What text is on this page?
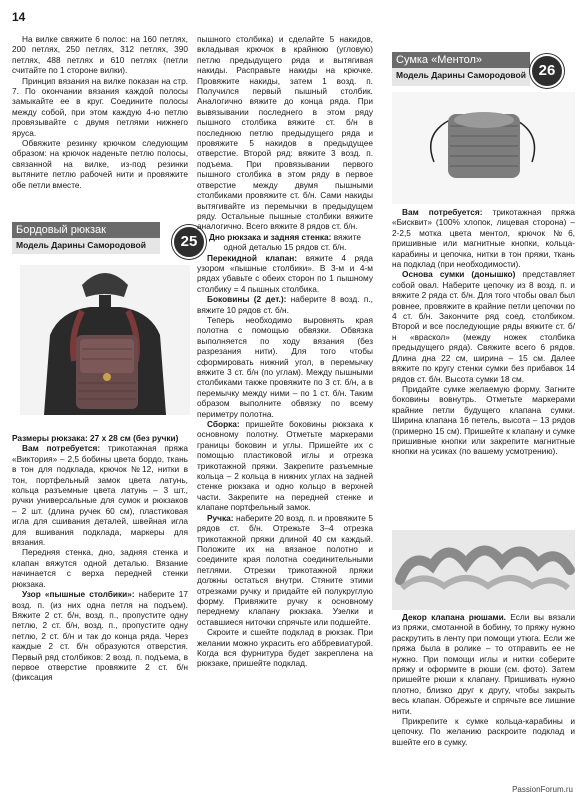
14

На вилке свяжите 6 полос: на 160 петлях, 200 петлях, 250 петлях, 312 петлях, 390 петлях, 488 петлях и 610 петлях (петли считайте по 1 стороне вилки).

Принцип вязания на вилке показан на стр. 7. По окончании вязания каждой полосы замыкайте ее в круг. Соедините полосы между собой, при этом каждую 4-ю петлю провязывайте с двумя петлями нижнего яруса.

Обвяжите резинку крючком следующим образом: на крючок наденьте петлю полосы, связанной на вилке, из-под резинки вытяните петлю рабочей нити и провяжите обе петли вместе.

Бордовый рюкзак
Модель Дарины Самородовой	25

Размеры рюкзака: 27 x 28 см (без ручки)

Вам потребуется: трикотажная пряжа «Виктория» – 2,5 бобины цвета бордо, ткань в тон для подклада, крючок №12, нитки в тон, портфельный замок цвета латунь, кольца разъемные цвета латунь – 3 шт., ручки универсальные для сумок и рюкзаков – 2 шт. (длина ручек 60 см), пластиковая игла для сшивания деталей, швейная игла для вшивания подклада, маркеры для вязания.

Передняя стенка, дно, задняя стенка и клапан вяжутся одной деталью. Вязание начинается с верха передней стенки рюкзака.

Узор «пышные столбики»: наберите 17 возд. п. (из них одна петля на подъем). Вяжите 2 ст. б/н, возд. п., пропустите одну петлю, 2 ст. б/н, возд. п., пропустите одну петлю, 2 ст. б/н и так до конца ряда. Через каждые 2 ст. б/н образуются отверстия. Первый ряд столбиков: 2 возд. п. подъема, в первое отверстие провяжите 2 ст. б/н (фиксация

пышного столбика) и сделайте 5 накидов, вкладывая крючок в крайнюю (угловую) петлю предыдущего ряда и вытягивая накиды. Расправьте накиды на крючке. Провяжите накиды, затем 1 возд. п. Получился первый пышный столбик. Аналогично вяжите до конца ряда. При вывязывании последнего в этом ряду пышного столбика вяжите ст. б/н в последнюю петлю предыдущего ряда и провяжите 5 накидов в предыдущее отверстие. Второй ряд: вяжите 3 возд. п. подъема. При провязывании первого пышного столбика в этом ряду в первое отверстие между двумя пышными столбиками провяжите ст. б/н. Сами накиды вытягивайте из перемычки в предыдущем ряду. Остальные пышные столбики вяжите аналогично. Всего вяжите 8 рядов ст. б/н.

Дно рюкзака и задняя стенка: вяжите одной деталью 15 рядов ст. б/н.

Перекидной клапан: вяжите 4 ряда узором «пышные столбики». В 3-м и 4-м рядах убавьте с обеих сторон по 1 пышному столбику = 4 пышных столбика.

Боковины (2 дет.): наберите 8 возд. п., вяжите 10 рядов ст. б/н.

Теперь необходимо выровнять края полотна с помощью обвязки. Обвязка выполняется по ходу вязания (без разрезания нити). Для того чтобы сформировать нижний угол, в перемычку вяжите 3 ст. б/н (по углам). Между пышными столбиками также провяжите по 3 ст. б/н, а в перемычку между ними – по 1 ст. б/н. Таким образом выполните обвязку по всему периметру полотна.

Сборка: пришейте боковины рюкзака к основному полотну. Отметьте маркерами границы боковин и углы. Пришейте их с помощью пластиковой иглы и отрезка трикотажной пряжи. Закрепите разъемные кольца – 2 кольца в нижних углах на задней стенке рюкзака и одно кольцо в верхней части. Закрепите на передней стенке и клапане портфельный замок.

Ручка: наберите 20 возд. п. и провяжите 5 рядов ст. б/н. Отрежьте 3–4 отрезка трикотажной пряжи длиной 40 см каждый. Положите их на вязаное полотно и соедините края полотна соединительными петлями. Отрезки трикотажной пряжи должны остаться внутри. Стяните этими отрезками ручку и придайте ей полукруглую форму. Привяжите ручку к основному переднему клапану рюкзака. Узелки и оставшиеся ниточки спрячьте или подшейте.

Скроите и сшейте подклад в рюкзак. При желании можно украсить его аббревиатурой. Когда вся фурнитура будет закреплена на рюкзаке, пришейте подклад.

Сумка «Ментол»
Модель Дарины Самородовой 26

Вам потребуется: трикотажная пряжа «Бисквит» (100% хлопок, лицевая сторона) – 2-2,5 мотка цвета ментол, крючок №6, пришивные или магнитные кнопки, кольца-карабины и цепочка, нитки в тон пряжи, ткань на подклад (при необходимости).

Основа сумки (донышко) представляет собой овал. Наберите цепочку из 8 возд. п. и вяжите 2 ряда ст. б/н. Для того чтобы овал был ровнее, провяжите в крайние петли цепочки по 4 ст. б/н. Закончите ряд соед. столбиком. Второй и все последующие ряды вяжите ст. б/н «враскол» (между ножек столбика предыдущего ряда). Свяжите всего 6 рядов. Длина дна 22 см, ширина – 15 см. Далее вяжите по кругу стенки сумки без прибавок 14 рядов ст. б/н. Высота сумки 18 см.

Придайте сумке желаемую форму. Загните боковины вовнутрь. Отметьте маркерами крайние петли будущего клапана сумки. Ширина клапана 16 петель, высота – 13 рядов (примерно 15 см). Пришейте к клапану и сумке пришивные кнопки или закрепите магнитные кнопки на усиках (по вашему усмотрению).

Декор клапана рюшами. Если вы вязали из пряжи, смотанной в бобину, то пряжу нужно раскрутить в ленту при помощи утюга. Если же пряжа была в ролике – то отправить ее не нужно. При помощи иглы и нитки соберите пряжу и оформите в рюши (см. фото). Затем пришейте рюши к клапану. Пришивать нужно плотно, близко друг к другу, чтобы закрыть весь клапан. Обрежьте и спрячьте все лишние нити.

Прикрепите к сумке кольца-карабины и цепочку. По желанию раскроите подклад и вшейте его в сумку.

PassionForum.ru
